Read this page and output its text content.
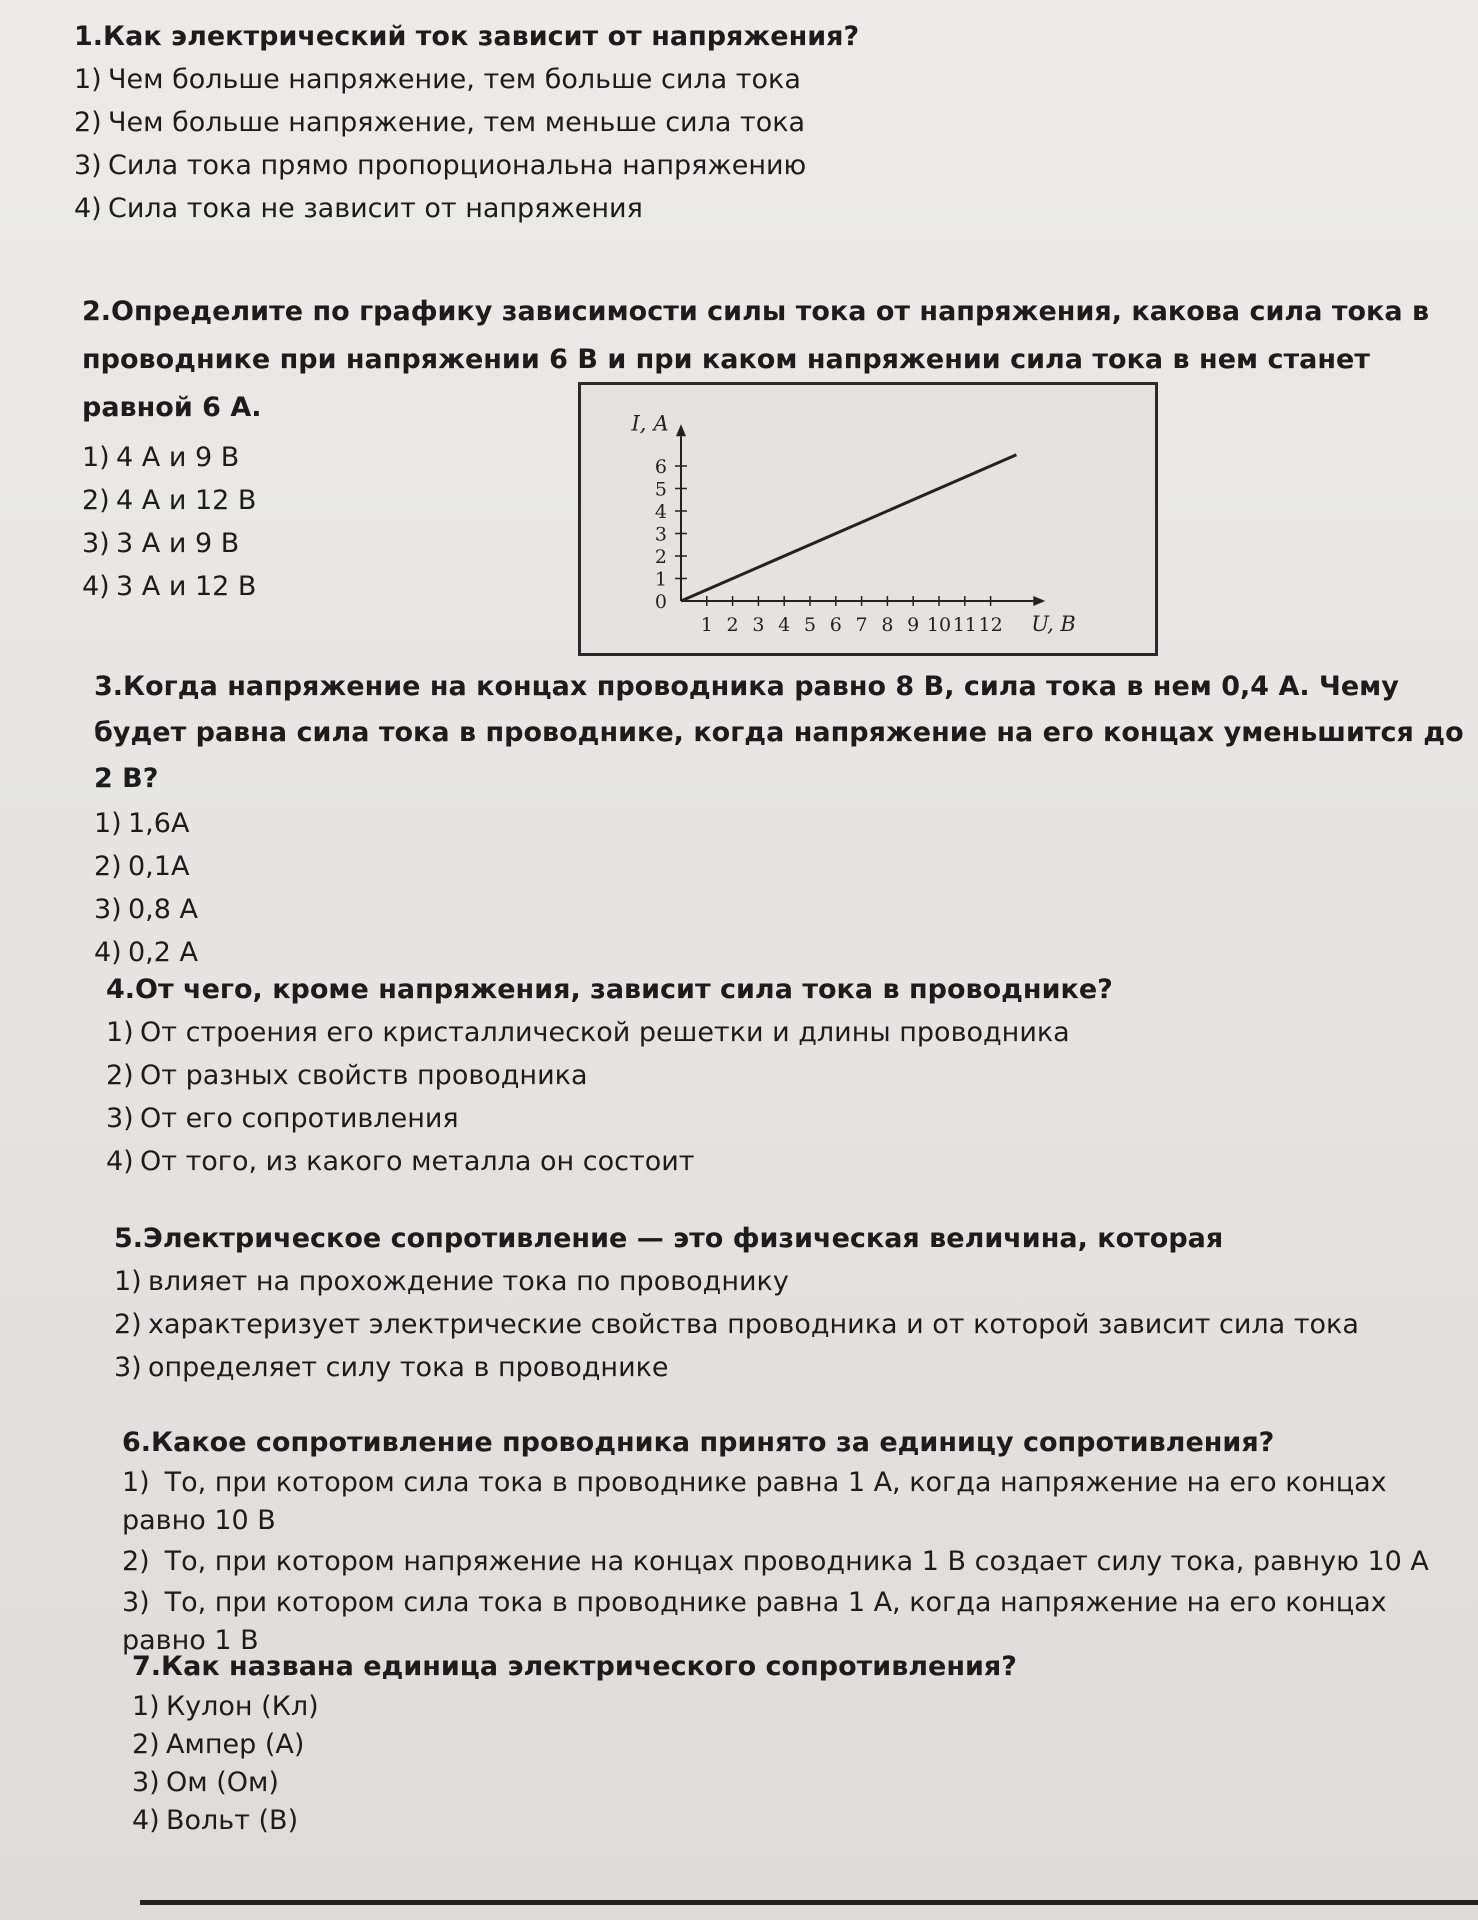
1.Как электрический ток зависит от напряжения?
1) Чем больше напряжение, тем больше сила тока
2) Чем больше напряжение, тем меньше сила тока
3) Сила тока прямо пропорциональна напряжению
4) Сила тока не зависит от напряжения
2.Определите по графику зависимости силы тока от напряжения, какова сила тока в проводнике при напряжении 6 В и при каком напряжении сила тока в нем станет равной 6 А.
1) 4 А и 9 В
2) 4 А и 12 В
3) 3 А и 9 В
4) 3 А и 12 В
1 2 3 4 5 6 7 8 9 10 11 12
0
1
2
3
4
5
6
I, А
U, В
3.Когда напряжение на концах проводника равно 8 В, сила тока в нем 0,4 А. Чему будет равна сила тока в проводнике, когда напряжение на его концах уменьшится до 2 В?
1) 1,6А
2) 0,1А
3) 0,8 А
4) 0,2 А
4.От чего, кроме напряжения, зависит сила тока в проводнике?
1) От строения его кристаллической решетки и длины проводника
2) От разных свойств проводника
3) От его сопротивления
4) От того, из какого металла он состоит
5.Электрическое сопротивление — это физическая величина, которая
1) влияет на прохождение тока по проводнику
2) характеризует электрические свойства проводника и от которой зависит сила тока
3) определяет силу тока в проводнике
6.Какое сопротивление проводника принято за единицу сопротивления?
1) То, при котором сила тока в проводнике равна 1 А, когда напряжение на его концах равно 10 В
2) То, при котором напряжение на концах проводника 1 В создает силу тока, равную 10 А
3) То, при котором сила тока в проводнике равна 1 А, когда напряжение на его концах равно 1 В
7.Как названа единица электрического сопротивления?
1) Кулон (Кл)
2) Ампер (А)
3) Ом (Ом)
4) Вольт (В)
